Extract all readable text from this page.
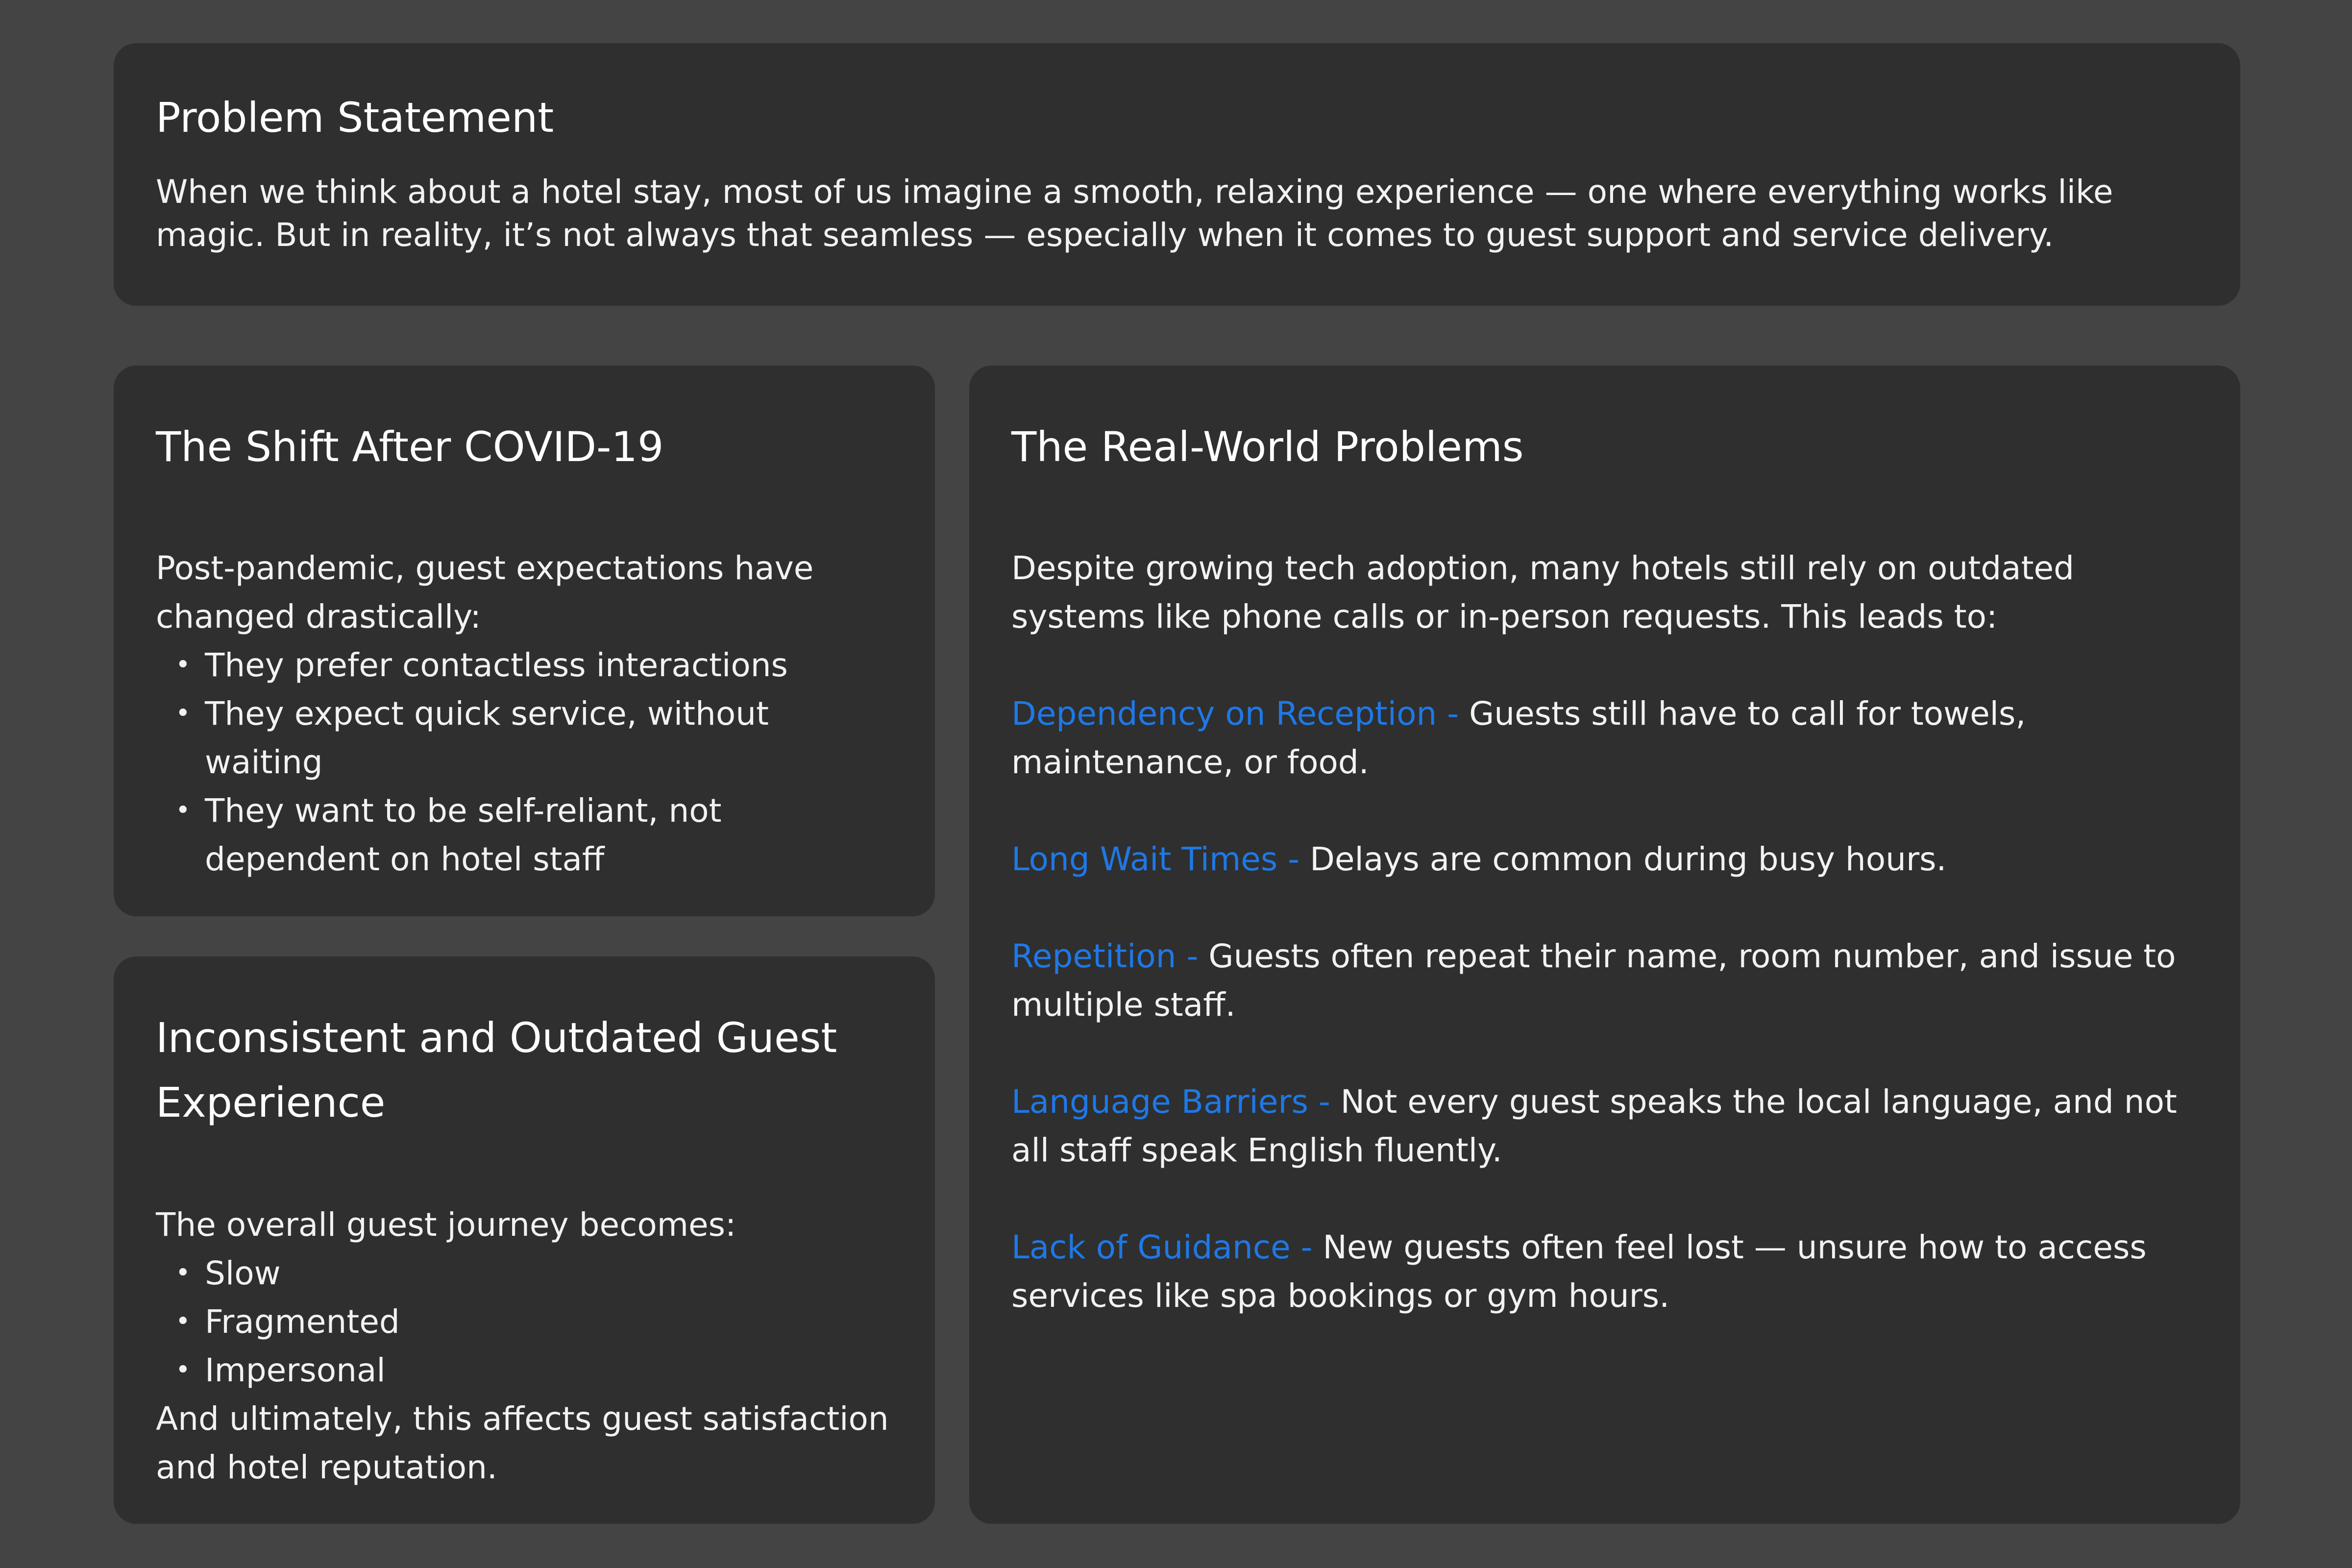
Problem Statement

When we think about a hotel stay, most of us imagine a smooth, relaxing experience — one where everything works like magic. But in reality, it’s not always that seamless — especially when it comes to guest support and service delivery.

The Shift After COVID-19

Post-pandemic, guest expectations have changed drastically:

• They prefer contactless interactions
• They expect quick service, without waiting
• They want to be self-reliant, not dependent on hotel staff
Inconsistent and Outdated Guest Experience

The overall guest journey becomes:

• Slow
• Fragmented
• Impersonal

And ultimately, this affects guest satisfaction and hotel reputation.

The Real-World Problems

Despite growing tech adoption, many hotels still rely on outdated systems like phone calls or in-person requests. This leads to:

Dependency on Reception - Guests still have to call for towels, maintenance, or food.

Long Wait Times - Delays are common during busy hours.

Repetition - Guests often repeat their name, room number, and issue to multiple staff.

Language Barriers - Not every guest speaks the local language, and not all staff speak English fluently.

Lack of Guidance - New guests often feel lost — unsure how to access services like spa bookings or gym hours.
